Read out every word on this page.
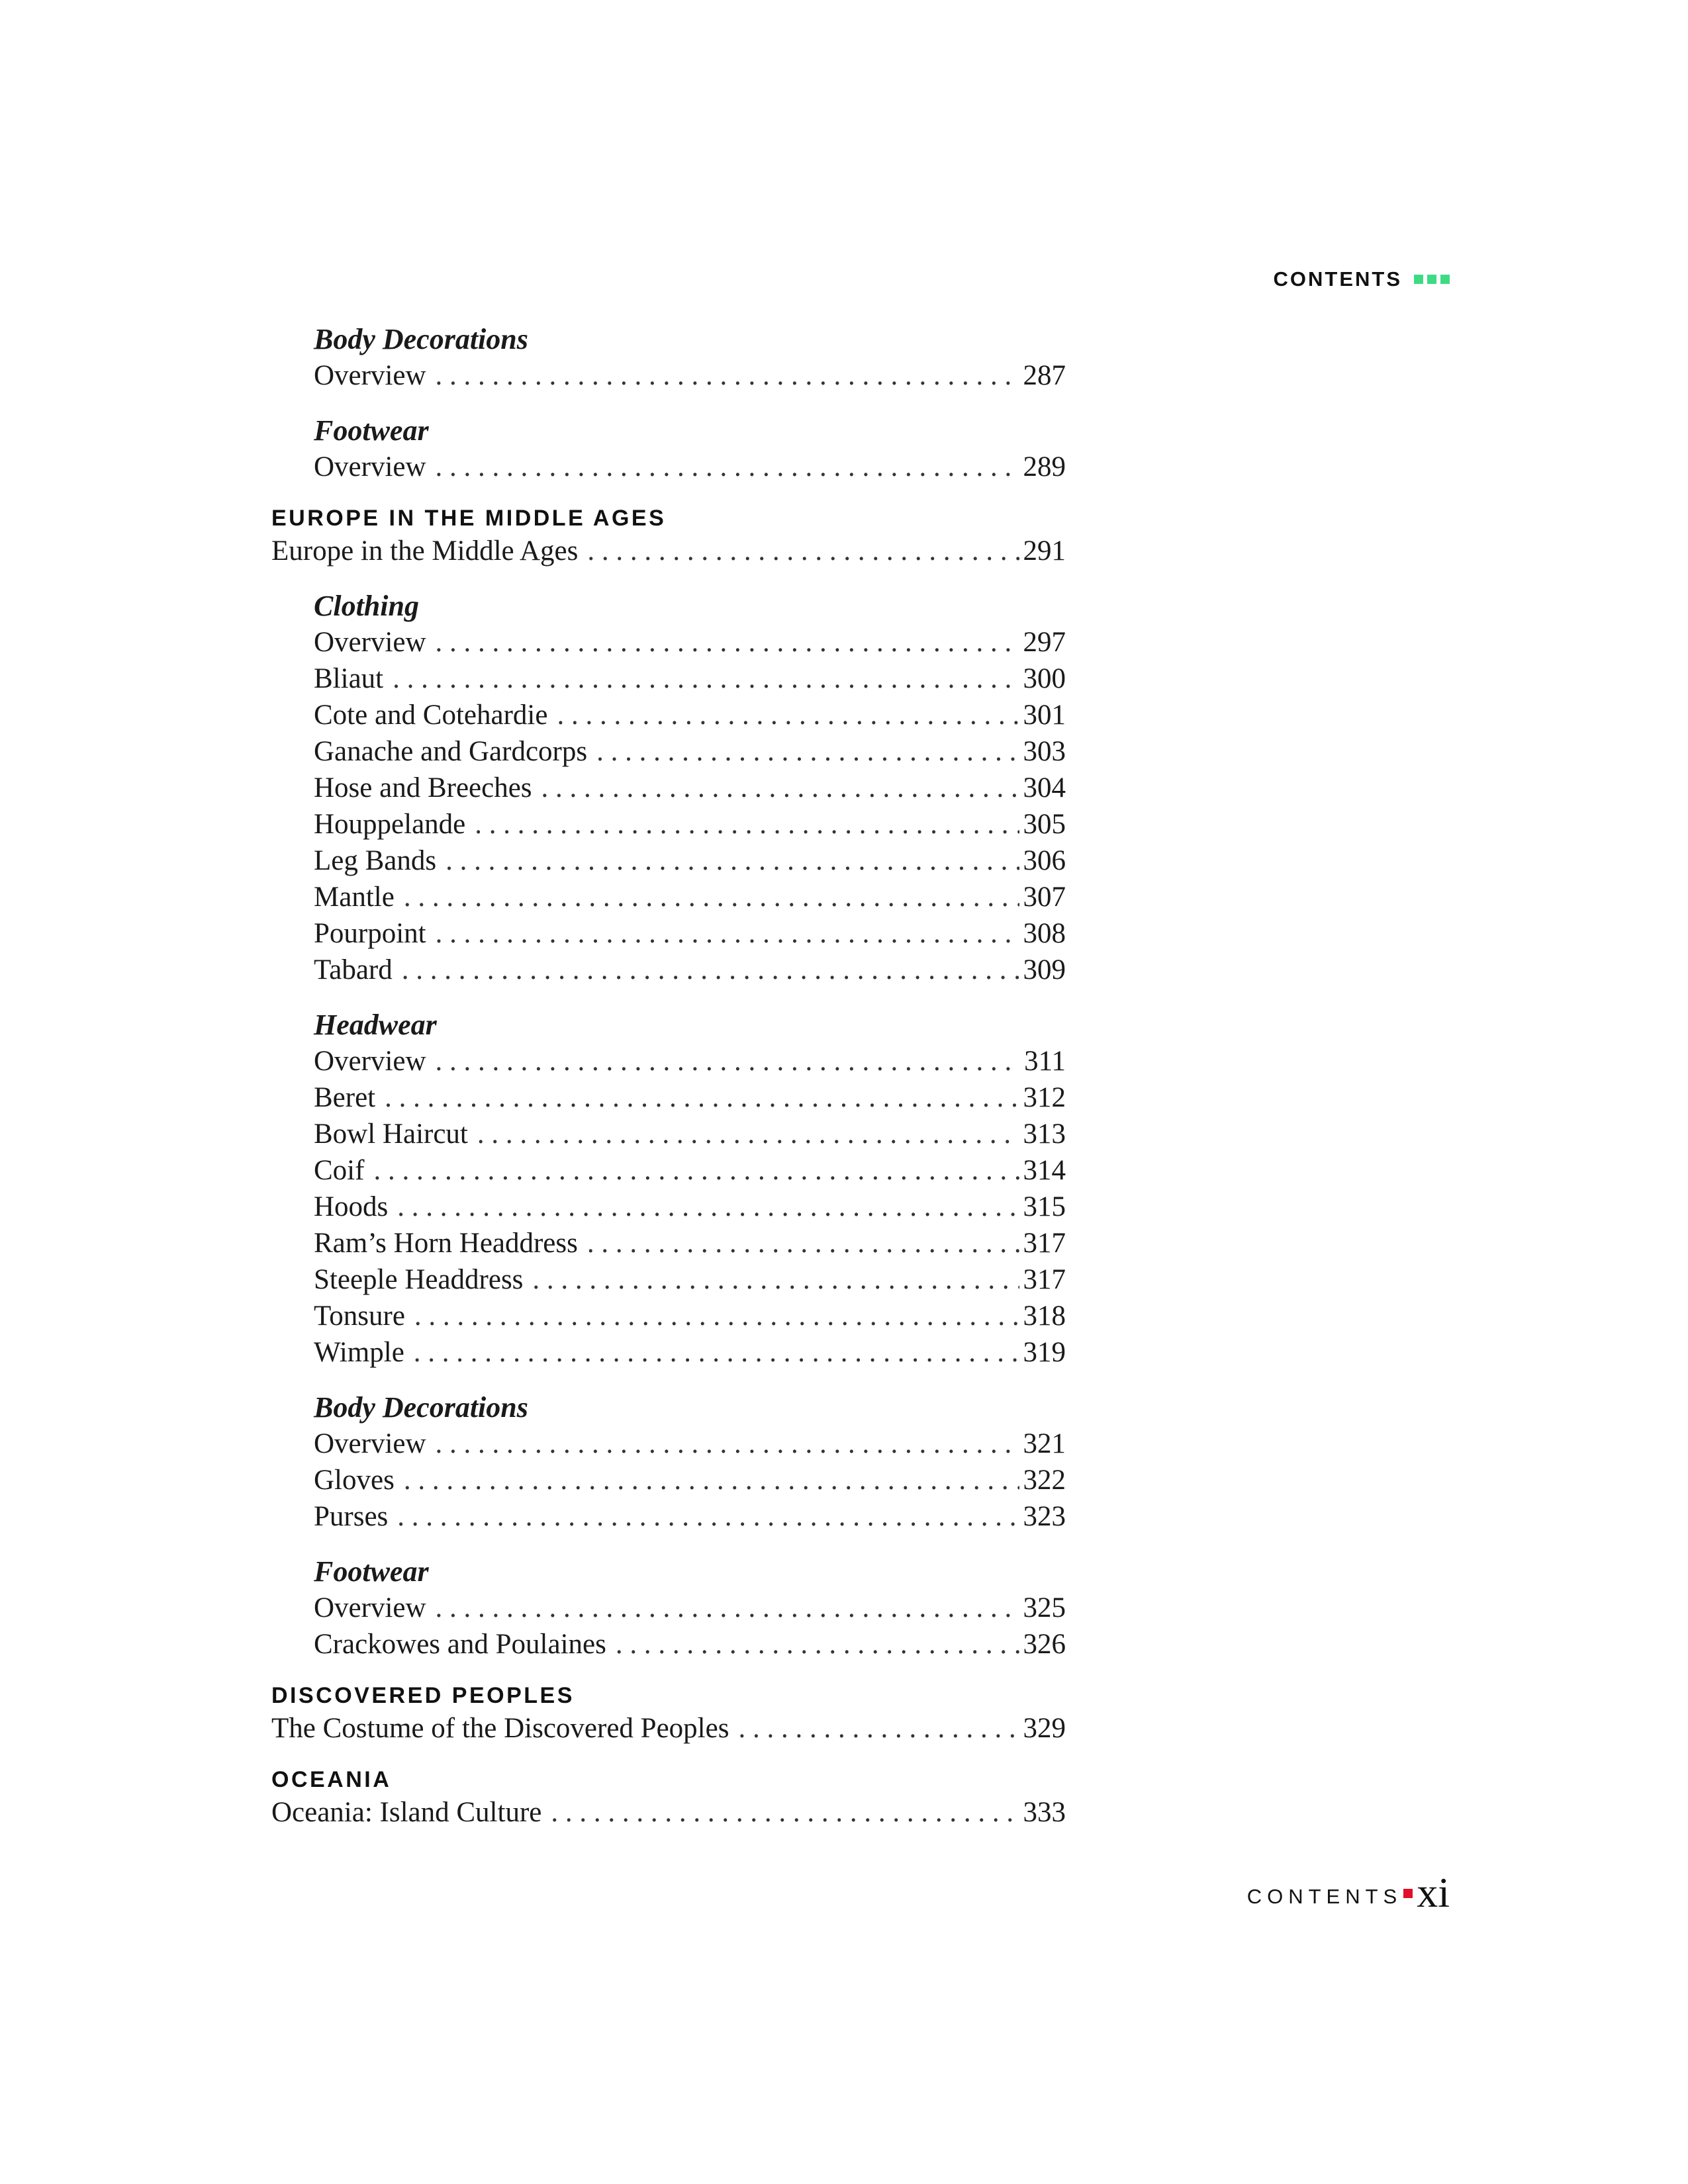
CONTENTS
Body Decorations
Overview . . .	287
Footwear
Overview . . .	289
EUROPE IN THE MIDDLE AGES
Europe in the Middle Ages . . .	291
Clothing
Overview . . .	297
Bliaut . . .	300
Cote and Cotehardie . . .	301
Ganache and Gardcorps . . .	303
Hose and Breeches . . .	304
Houppelande . . .	305
Leg Bands . . .	306
Mantle . . .	307
Pourpoint . . .	308
Tabard . . .	309
Headwear
Overview . . .	311
Beret . . .	312
Bowl Haircut . . .	313
Coif . . .	314
Hoods . . .	315
Ram’s Horn Headdress . . .	317
Steeple Headdress . . .	317
Tonsure . . .	318
Wimple . . .	319
Body Decorations
Overview . . .	321
Gloves . . .	322
Purses . . .	323
Footwear
Overview . . .	325
Crackowes and Poulaines . . .	326
DISCOVERED PEOPLES
The Costume of the Discovered Peoples . . .	329
OCEANIA
Oceania: Island Culture . . .	333
CONTENTS xi
